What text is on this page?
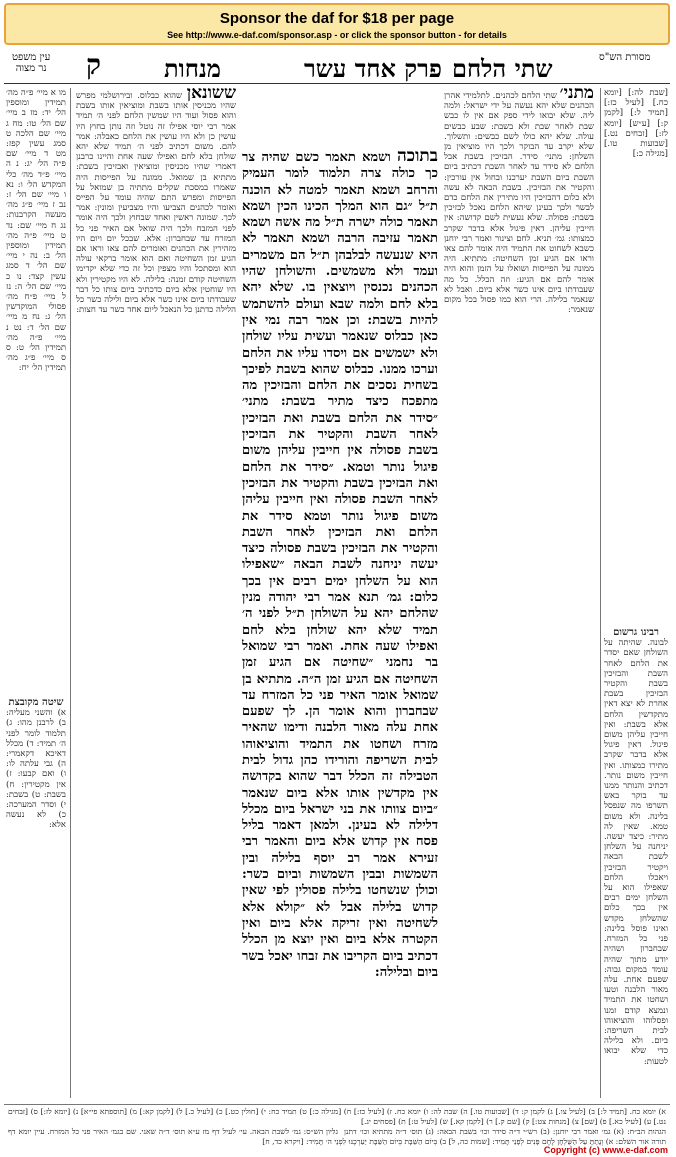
Sponsor the daf for $18 per page
See http://www.e-daf.com/sponsor.asp - or click the sponsor button - for details
עין משפט
נר מצוה	ק	מנחות	פרק אחד עשר שתי הלחם	מסורת הש"ס
מו א מיי׳ פ״ה מה׳ תמידין ומוספין הל׳ יד: מז ב מיי׳ שם הל׳ טו: מח ג מיי׳ שם הלכה ט סמג עשין קפז: מט ד מיי׳ שם פ״ה הל׳ יג: נ ה מיי׳ פ״ד מה׳ כלי המקדש הל׳ ו: נא ו מיי׳ שם הל׳ ז: נב ז מיי׳ פ״ג מה׳ מעשה הקרבנות: נג ח מיי׳ שם: נד ט מיי׳ פ״ה מה׳ תמידין ומוספין הל׳ ב: נה י מיי׳ שם הל׳ ד סמג עשין קצד: נו כ מיי׳ שם הל׳ ה: נז ל מיי׳ פ״ח מה׳ פסולי המוקדשין הל׳ ג: נח מ מיי׳ שם הל׳ ד: נט נ מיי׳ פ״ה מה׳ תמידין הל׳ ט: ס ס מיי׳ פ״ג מה׳ תמידין הל׳ יח:
שיטה מקובצת

א) והשני מעליה: ב) לרבנן מהו: ג) תלמוד לומר לפני ה׳ תמיד: ד) מכלל דאיכא דקאמרי: ה) גבי עלתה לו: ו) ואם קבעו: ז) אין מקטירין: ח) בשבת: ט) בשבת: י) וסדר המערכה: כ) לא נעשה אלא:

ששונאן שהוא כבלוס. ובירושלמי מפרש שהיו מכניסין אותו בשבת ומוציאין אותו בשבת והוא פסול ועוד היו שמשין הלחם לפני ה׳ תמיד אמר רבי יוסי אפילו זה נוטל וזה נותן בחוץ היו עושין כן ולא היו עושין את הלחם כאבלה: אמר להם. משום דכתיב לפני ה׳ תמיד שלא יהא שולחן בלא לחם ואפילו שעה אחת והיינו כרבנן דאמרי שהיו מכניסין ומוציאין ואבזיכין בשבת: מתתיא בן שמואל. ממונה על הפייסות היה שאמרו במסכת שקלים מתתיה בן שמואל על הפייסות ומפרש התם שהיה עומד על הפייס ואומר לכהנים הצביעו והיו מצביעין ומונין: אמר לכך. שמונה ראשין ואחד שבחוץ ולכך היה אומר לפני המזבח ולכך היה שואל אם האיר פני כל המזרח עד שבחברון: אלא. שבכל יום ויום היו מזהירין את הכהנים ואומרים להם צאו וראו אם הגיע זמן השחיטה ואם הוא אומר ברקאי עולה הוא ומסתכל והיו מצפין וכל זה כדי שלא יקדימו השחיטה קודם זמנה: בלילה. לא היו מקטירין ולא היו שוחטין אלא ביום כדכתיב ביום צותו כל דבר שעבודתו ביום אינו כשר אלא ביום ולילה כשר כל הלילה כדתנן כל הנאכל ליום אחד כשר עד חצות:

בתוכה ושמא תאמר כשם שהיה צר כך כולה צרה תלמוד לומר העמיק והרחב ושמא תאמר למטה לא הוכנה ת״ל ״גם הוא המלך הכינו הכין ושמא תאמר כולה ישרה ת״ל מה אשה ושמא תאמר עזיבה הרבה ושמא תאמר לא היא שנעשה לבלבהן ת״ל הם משמרים ועמד ולא משמשים. והשולחן שהיו הכהנים נכנסין ויוצאין בו. שלא יהא בלא לחם ולמה שבא ועולם להשתמש להיות בשבת: וכן אמר רבה נמי אין כאן כבלוס שנאמר ועשית עליו שולחן ולא ישמשים אם ויסדו עליו את הלחם וערכו ממנו. כבלוס שהוא בשבת לפיכך בשחית נסכים את הלחם והבזיכין מה מתפכח כיצד מתיר בשבת: מתני׳ ״סידר את הלחם בשבת ואת הבזיכין לאחר השבת והקטיר את הבזיכין בשבת פסולה אין חייבין עליהן משום פיגול נותר וטמא. ״סידר את הלחם ואת הבזיכין בשבת והקטיר את הבזיכין לאחר השבת פסולה ואין חייבין עליהן משום פיגול נותר וטמא סידר את הלחם ואת הבזיכין לאחר השבת והקטיר את הבזיכין בשבת פסולה כיצד יעשה יניחנה לשבת הבאה ״שאפילו הוא על השלחן ימים רבים אין בכך כלום: גמ׳ תנא אמר רבי יהודה מנין שהלחם יהא על השולחן ת״ל לפני ה׳ תמיד שלא יהא שולחן בלא לחם ואפילו שעה אחת. ואמר רבי שמואל בר נחמני ״שחיטה אם הגיע זמן השחיטה אם הגיע זמן ה״ה. מתתיא בן שמואל אומר האיר פני כל המזרח עד שבחברון והוא אומר הן. לך שפעם אחת עלה מאור הלבנה ודימו שהאיר מזרח ושחטו את התמיד והוציאוהו לבית השריפה והורידו כהן גדול לבית הטבילה זה הכלל דבר שהוא בקדושה אין מקדשין אותו אלא ביום שנאמר ״ביום צוותו את בני ישראל ביום מכלל דלילה לא בעינן. ולמאן דאמר בליל פסח אין קדוש אלא ביום והאמר רבי זעירא אמר רב יוסף בלילה ובין השמשות ובבין השמשות וביום כשר: וכולן שנשחטו בלילה פסולין לפי שאין קדוש בלילה אבל לא ״קולא אלא לשחיטה ואין זריקה אלא ביום ואין הקטרה אלא ביום ואין יוצא מן הכלל דכתיב ביום הקריבו את זבחו יאכל בשר ביום ובלילה:

מתני׳ שתי הלחם לכהנים. לתלמידי אהרן הכהנים שלא יהא נעשה על ידי ישראל: ולמה ליה. שלא יבואו לידי ספק אם אין לו כבש שבת לאחר שבת ולא בשבת: שבע כבשים עולה. שלא יהא כולו לשם כבשים: ותשלוך. שלא יקרב עד הבוקר ולכך היו מוציאין מן השלחן: מתני׳ סידר. הבזיכין בשבת אבל הלחם לא סידר עד לאחר השבת דכתיב ביום השבת ביום השבת יערכנו ובחול אין עורכין: והקטיר את הבזיכין. בשבת הבאה לא עשה ולא כלום דהבזיכין היו מתירין את הלחם כדם לבשר ולכך בעינן שיהא הלחם נאכל לבזיכין בשבת: פסולה. שלא נעשית לשם קדושה: אין חייבין עליהן. דאין פיגול אלא בדבר שקרב כמצותו: גמ׳ תניא. לחם וצינור ואמר רבי יוחנן כשבא לשחוט את התמיד היה אומר להם צאו וראו אם הגיע זמן השחיטה: מתתיא. היה ממונה על הפייסות ושואלו על הזמן והוא היה אומר להם אם הגיע: וזה הכלל. כל מה שעבודתו ביום אינו כשר אלא ביום. ואבל לא שנאמר בלילה. הרי הוא כמו פסול בכל מקום שנאמר:

[שבת לה:] [יומא כח.] [לעיל כז:] [תמיד ל:] [לקמן ק:] [ע״ש] [יומא לז:] [זבחים נט.] [שבועות טו.] [מגילה כ:]
רבינו גרשום

לבונה. שהיתה על השולחן שאם יסדר את הלחם לאחר השבת והבזיכין בשבת והקטיר הבזיכין בשבת אחרת לא יצא דאין מתקדשין הלחם אלא בשבת: ואין חייבין עליהן משום פיגול. דאין פיגול אלא בדבר שקרב מתירו כמצותו. ואין חייבין משום נותר. דכתיב והנותר ממנו עד בוקר באש תשרפו מה שנפסל בלינה. ולא משום טמא. שאין לה מתיר: כיצד יעשה. יניחנה על השלחן לשבת הבאה ויקטיר הבזיכין ויאכלו הלחם שאפילו הוא על השלחן ימים רבים אין בכך כלום שהשלחן מקדש ואינו פוסל בלינה: פני כל המזרח. שבחברון ושהיה יודע מתוך שהיה עומד במקום גבוה: שפעם אחת. עלה מאור הלבנה וטעו ושחטו את התמיד ונמצא קודם זמנו ופסלוהו והוציאוהו לבית השריפה: ביום. ולא בלילה כדי שלא יבואו לטעות:

א) יומא כח. [תמיד ל:] ב) [לעיל צו.] ג) לקמן ק: ד) [שבועות טו.] ה) שבת לה: ו) יומא כח. ז) [לעיל כז:] ח) [מגילה כ:] ט) תמיד כח: י) [חולין כט.] כ) [לעיל כ.] ל) [לקמן קא:] מ) [תוספתא פי״א] נ) [יומא לז:] ס) [זבחים נט.] ע) [לעיל כא.] פ) [שם] צ) [מנחות צט:] ק) [שם ק.] ר) [לקמן קא.] ש) [לעיל ט:] ת) [פסחים יג.]
גליון הש״ס: גמ׳ לשבת הבאה. עי׳ לעיל דף מז ע״א תוס׳ ד״ה שאני. שם בגמ׳ האיר פני כל המזרח. עיין יומא דף	הגהות הב״ח: (א) גמ׳ ואמר רבי יוחנן: (ב) רש״י ד״ה סידר וכו׳ בשבת הבאה: (ג) תוס׳ ד״ה מתתיא וכו׳ דתנן
תורה אור השלם: א) וְנָתַתָּ עַל הַשֻּׁלְחָן לֶחֶם פָּנִים לְפָנַי תָּמִיד: [שמות כה, ל] ב) בְּיוֹם הַשַּׁבָּת בְּיוֹם הַשַּׁבָּת יַעַרְכֶנּוּ לִפְנֵי ה׳ תָּמִיד: [ויקרא כד, ח]
Copyright (c) www.e-daf.com
